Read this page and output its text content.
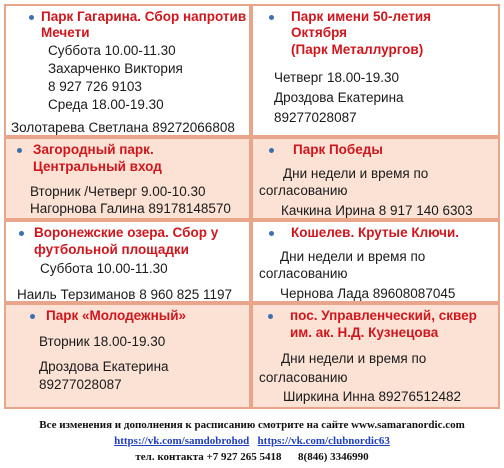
Парк Гагарина. Сбор напротив
Мечети
Суббота 10.00-11.30
Захарченко Виктория
8 927 726 9103
Среда 18.00-19.30
Золотарева Светлана 89272066808
Парк имени 50-летия
Октября
(Парк Металлургов)
Четверг 18.00-19.30
Дроздова Екатерина
89277028087
Загородный парк.
Центральный вход
Вторник /Четверг 9.00-10.30
Нагорнова Галина 89178148570
Парк Победы
Дни недели и время по
согласованию
Качкина Ирина 8 917 140 6303
Воронежские озера. Сбор у
футбольной площадки
Суббота 10.00-11.30
Наиль Терзиманов 8 960 825 1197
Кошелев. Крутые Ключи.
Дни недели и время по
согласованию
Чернова Лада 89608087045
Парк «Молодежный»
Вторник 18.00-19.30
Дроздова Екатерина
89277028087
пос. Управленческий, сквер
им. ак. Н.Д. Кузнецова
Дни недели и время по
согласованию
Ширкина Инна 89276512482
Все изменения и дополнения к расписанию смотрите на сайте www.samaranordic.com
https://vk.com/samdobrohod https://vk.com/clubnordic63
тел. контакта +7 927 265 5418      8(846) 3346990
